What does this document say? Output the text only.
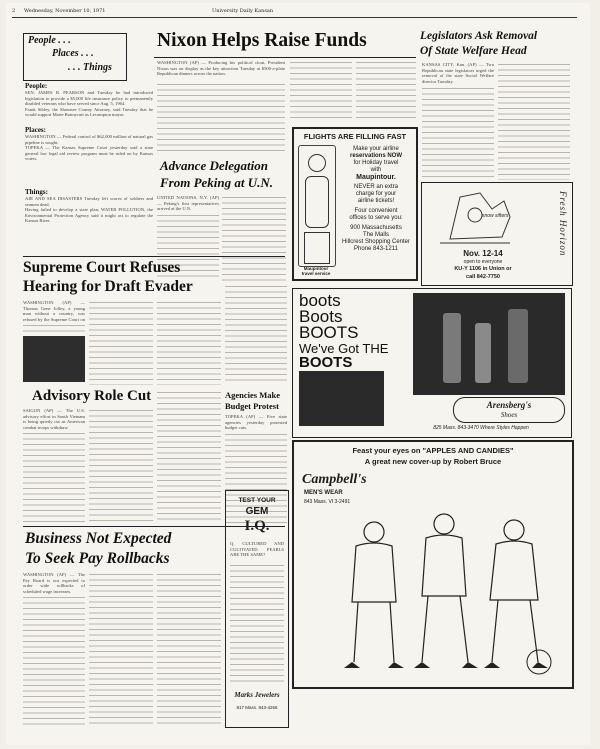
2 Wednesday, November 10, 1971	University Daily Kansan
People . . .
Places . . .
. . . Things
People:
SEN. JAMES B. PEARSON and Tuesday he had introduced legislation to provide a $5,000 life insurance policy to permanently disabled veterans who have served since Aug. 5, 1964.
Frank Sibley, the Shawnee County Attorney, said Tuesday that he would support Marie Bonnycutt as Lecompton mayor.
Places:
WASHINGTON — Federal control of $62,000 million of natural gas pipeline is sought.
TOPEKA — The Kansas Supreme Court yesterday said a state general law legal aid review program must be ruled on by Kansas voters.
Things:
AIR AND SEA DISASTERS Tuesday left scores of soldiers and seamen dead.
Having failed to develop a state plan, WATER POLLUTION, the Environmental Protection Agency said it might act to regulate the Kansas River.
Nixon Helps Raise Funds
WASHINGTON (AP) — Producing his political clout, President Nixon was on display as the key attraction Tuesday at $500-a-plate Republican dinners across the nation.
Advance Delegation
From Peking at U.N.
UNITED NATIONS, N.Y. (AP) — Peking's first representatives arrived at the U.N.
FLIGHTS ARE FILLING FAST
Make your airline
reservations NOW
for Holiday travel
with
Maupintour.
NEVER an extra
charge for your
airline tickets!
Four convenient
offices to serve you:
900 Massachusetts
The Malls
Hillcrest Shopping Center
Phone 843-1211
Maupintour travel service
Legislators Ask Removal
Of State Welfare Head
KANSAS CITY, Kan. (AP) — Two Republican state legislators urged the removal of the state Social Welfare director Tuesday.
snow sifters
Nov. 12-14
open to everyone
KU-Y 1106 in Union or
call 842-7750
Fresh Horizon
Supreme Court Refuses
Hearing for Draft Evader
WASHINGTON (AP) — Thomas Gene Jolley, a young man without a country, was refused by the Supreme Court on
boots
Boots
BOOTS
We've Got THE
BOOTS
Arensberg's
Shoes
825 Mass. 843-3470 Where Styles Happen
Advisory Role Cut
SAIGON (AP) — The U.S. advisory effort in South Vietnam is being quietly cut as American combat troops withdraw.
Agencies Make
Budget Protest
TOPEKA (AP) — Five state agencies yesterday protested budget cuts.
Feast your eyes on "APPLES AND CANDIES"
A great new cover-up by Robert Bruce
Campbell's
MEN'S WEAR
843 Mass. VI 3-2491
Business Not Expected
To Seek Pay Rollbacks
WASHINGTON (AP) — The Pay Board is not expected to order wide rollbacks of scheduled wage increases.
TEST YOUR
GEM
I.Q.
Q. CULTURED AND CULTIVATED PEARLS ARE THE SAME?
Marks Jewelers
817 Mass. 843-4266
